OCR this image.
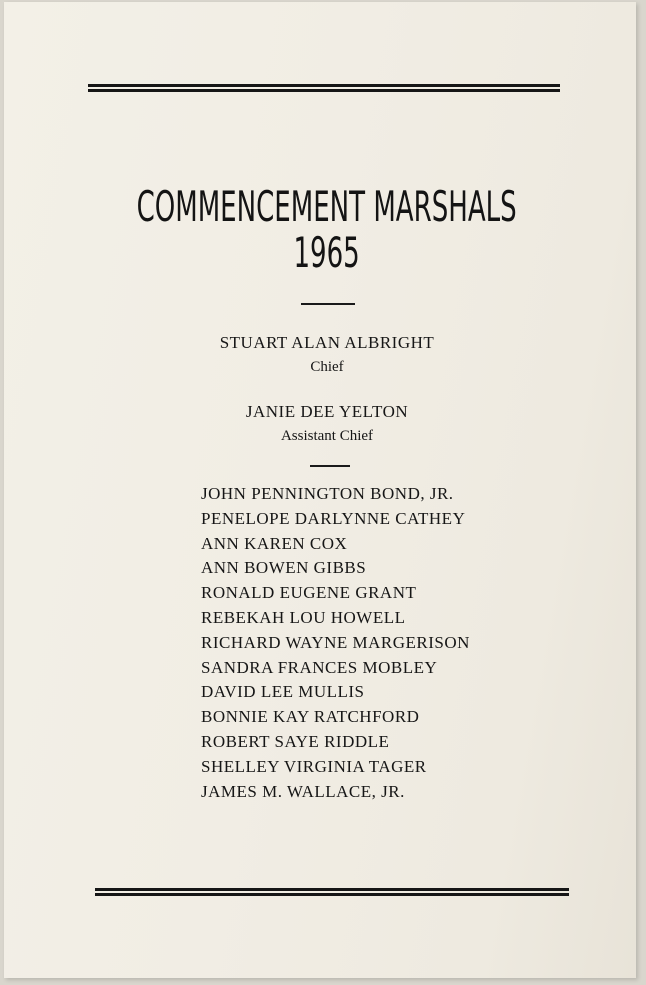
COMMENCEMENT MARSHALS
1965
STUART ALAN ALBRIGHT
Chief
JANIE DEE YELTON
Assistant Chief
JOHN PENNINGTON BOND, JR.
PENELOPE DARLYNNE CATHEY
ANN KAREN COX
ANN BOWEN GIBBS
RONALD EUGENE GRANT
REBEKAH LOU HOWELL
RICHARD WAYNE MARGERISON
SANDRA FRANCES MOBLEY
DAVID LEE MULLIS
BONNIE KAY RATCHFORD
ROBERT SAYE RIDDLE
SHELLEY VIRGINIA TAGER
JAMES M. WALLACE, JR.
